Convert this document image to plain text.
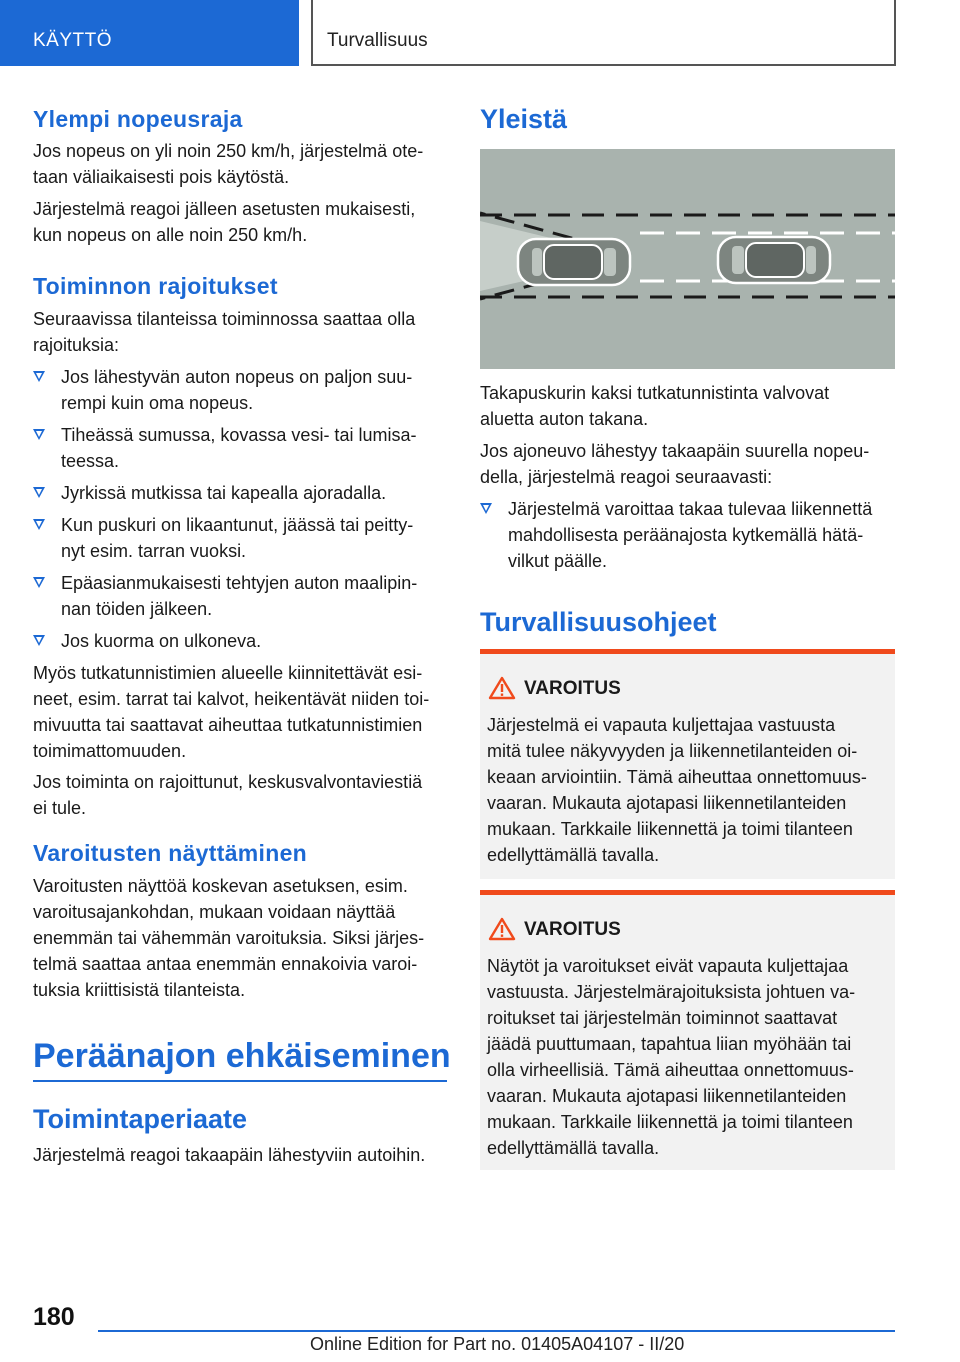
KÄYTTÖ	Turvallisuus
Ylempi nopeusraja

Jos nopeus on yli noin 250 km/h, järjestelmä ote-

taan väliaikaisesti pois käytöstä.

Järjestelmä reagoi jälleen asetusten mukaisesti,

kun nopeus on alle noin 250 km/h.

Toiminnon rajoitukset

Seuraavissa tilanteissa toiminnossa saattaa olla

rajoituksia:

Jos lähestyvän auton nopeus on paljon suu-

rempi kuin oma nopeus.

Tiheässä sumussa, kovassa vesi- tai lumisa-

teessa.

Jyrkissä mutkissa tai kapealla ajoradalla.
Kun puskuri on likaantunut, jäässä tai peitty-

nyt esim. tarran vuoksi.

Epäasianmukaisesti tehtyjen auton maalipin-

nan töiden jälkeen.

Jos kuorma on ulkoneva.

Myös tutkatunnistimien alueelle kiinnitettävät esi-

neet, esim. tarrat tai kalvot, heikentävät niiden toi-

mivuutta tai saattavat aiheuttaa tutkatunnistimien

toimimattomuuden.

Jos toiminta on rajoittunut, keskusvalvontaviestiä

ei tule.

Varoitusten näyttäminen

Varoitusten näyttöä koskevan asetuksen, esim.

varoitusajankohdan, mukaan voidaan näyttää

enemmän tai vähemmän varoituksia. Siksi järjes-

telmä saattaa antaa enemmän ennakoivia varoi-

tuksia kriittisistä tilanteista.

Peräänajon ehkäiseminen
Toimintaperiaate

Järjestelmä reagoi takaapäin lähestyviin autoihin.

Yleistä

Takapuskurin kaksi tutkatunnistinta valvovat

aluetta auton takana.

Jos ajoneuvo lähestyy takaapäin suurella nopeu-

della, järjestelmä reagoi seuraavasti:

Järjestelmä varoittaa takaa tulevaa liikennettä

mahdollisesta peräänajosta kytkemällä hätä-

vilkut päälle.

Turvallisuusohjeet
VAROITUS

Järjestelmä ei vapauta kuljettajaa vastuusta

mitä tulee näkyvyyden ja liikennetilanteiden oi-

keaan arviointiin. Tämä aiheuttaa onnettomuus-

vaaran. Mukauta ajotapasi liikennetilanteiden

mukaan. Tarkkaile liikennettä ja toimi tilanteen

edellyttämällä tavalla.

VAROITUS

Näytöt ja varoitukset eivät vapauta kuljettajaa

vastuusta. Järjestelmärajoituksista johtuen va-

roitukset tai järjestelmän toiminnot saattavat

jäädä puuttumaan, tapahtua liian myöhään tai

olla virheellisiä. Tämä aiheuttaa onnettomuus-

vaaran. Mukauta ajotapasi liikennetilanteiden

mukaan. Tarkkaile liikennettä ja toimi tilanteen

edellyttämällä tavalla.

180
Online Edition for Part no. 01405A04107 - II/20
